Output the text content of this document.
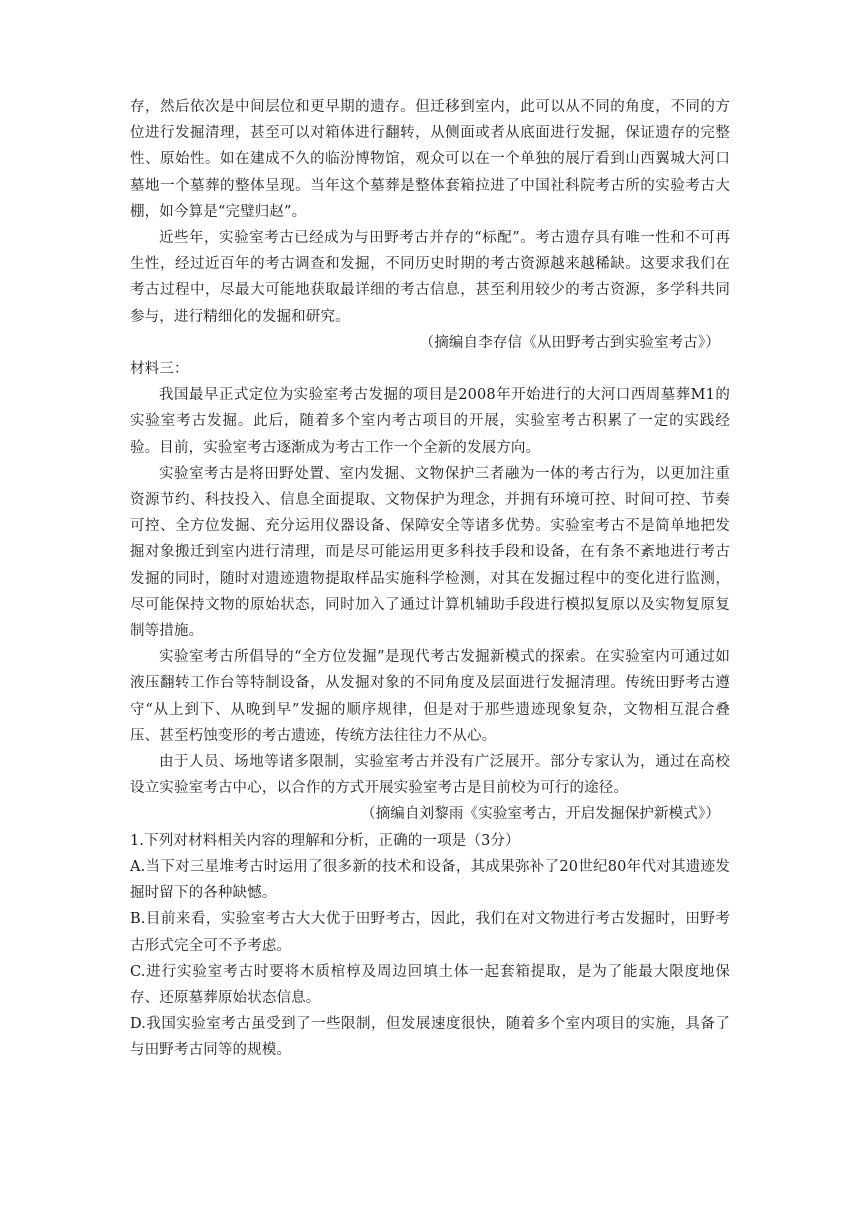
存，然后依次是中间层位和更早期的遗存。但迁移到室内，此可以从不同的角度，不同的方位进行发掘清理，甚至可以对箱体进行翻转，从侧面或者从底面进行发掘，保证遗存的完整性、原始性。如在建成不久的临汾博物馆，观众可以在一个单独的展厅看到山西翼城大河口墓地一个墓葬的整体呈现。当年这个墓葬是整体套箱拉进了中国社科院考古所的实验考古大棚，如今算是“完璧归赵”。

近些年，实验室考古已经成为与田野考古并存的“标配”。考古遗存具有唯一性和不可再生性，经过近百年的考古调查和发掘，不同历史时期的考古资源越来越稀缺。这要求我们在考古过程中，尽最大可能地获取最详细的考古信息，甚至利用较少的考古资源，多学科共同参与，进行精细化的发掘和研究。

（摘编自李存信《从田野考古到实验室考古》）

材料三：

我国最早正式定位为实验室考古发掘的项目是2008年开始进行的大河口西周墓葬M1的实验室考古发掘。此后，随着多个室内考古项目的开展，实验室考古积累了一定的实践经验。目前，实验室考古逐渐成为考古工作一个全新的发展方向。

实验室考古是将田野处置、室内发掘、文物保护三者融为一体的考古行为，以更加注重资源节约、科技投入、信息全面提取、文物保护为理念，并拥有环境可控、时间可控、节奏可控、全方位发掘、充分运用仪器设备、保障安全等诸多优势。实验室考古不是简单地把发掘对象搬迁到室内进行清理，而是尽可能运用更多科技手段和设备，在有条不紊地进行考古发掘的同时，随时对遗迹遗物提取样品实施科学检测，对其在发掘过程中的变化进行监测，尽可能保持文物的原始状态，同时加入了通过计算机辅助手段进行模拟复原以及实物复原复制等措施。

实验室考古所倡导的“全方位发掘”是现代考古发掘新模式的探索。在实验室内可通过如液压翻转工作台等特制设备，从发掘对象的不同角度及层面进行发掘清理。传统田野考古遵守“从上到下、从晚到早”发掘的顺序规律，但是对于那些遗迹现象复杂，文物相互混合叠压、甚至朽蚀变形的考古遗迹，传统方法往往力不从心。

由于人员、场地等诸多限制，实验室考古并没有广泛展开。部分专家认为，通过在高校设立实验室考古中心，以合作的方式开展实验室考古是目前校为可行的途径。

（摘编自刘黎雨《实验室考古，开启发掘保护新模式》）

1.下列对材料相关内容的理解和分析，正确的一项是（3分）

A.当下对三星堆考古时运用了很多新的技术和设备，其成果弥补了20世纪80年代对其遗迹发掘时留下的各种缺憾。

B.目前来看，实验室考古大大优于田野考古，因此，我们在对文物进行考古发掘时，田野考古形式完全可不予考虑。

C.进行实验室考古时要将木质棺椁及周边回填土体一起套箱提取，是为了能最大限度地保存、还原墓葬原始状态信息。

D.我国实验室考古虽受到了一些限制，但发展速度很快，随着多个室内项目的实施，具备了与田野考古同等的规模。
